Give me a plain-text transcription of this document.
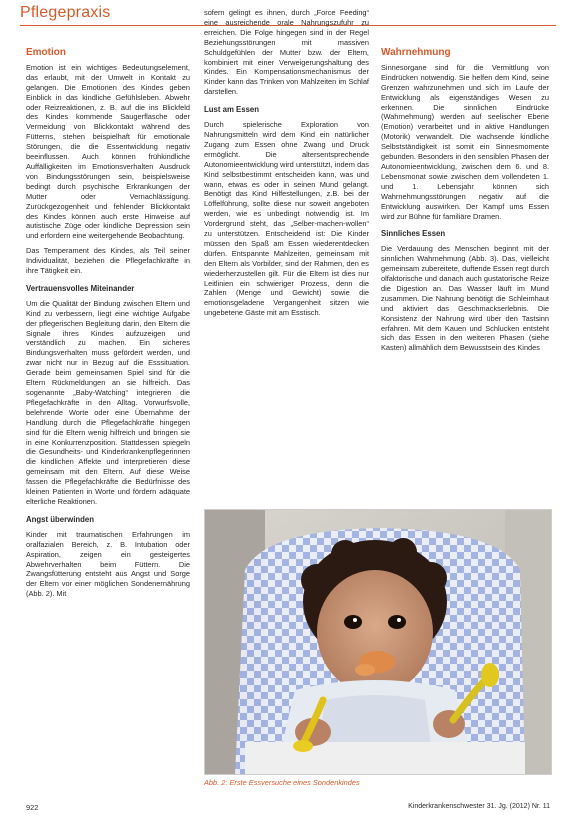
Pflegepraxis
Emotion

Emotion ist ein wichtiges Bedeutungselement, das erlaubt, mit der Umwelt in Kontakt zu gelangen. Die Emotionen des Kindes geben Einblick in das kindliche Gefühlsleben. Abwehr oder Reizreaktionen, z. B. auf die ins Blickfeld des Kindes kommende Saugerflasche oder Vermeidung von Blickkontakt während des Fütterns, stehen beispielhaft für emotionale Störungen, die die Essentwicklung negativ beeinflussen. Auch können frühkindliche Auffälligkeiten im Emotionsverhalten Ausdruck von Bindungsstörungen sein, beispielsweise bedingt durch psychische Erkrankungen der Mutter oder Vernachlässigung. Zurückgezogenheit und fehlender Blickkontakt des Kindes können auch erste Hinweise auf autistische Züge oder kindliche Depression sein und erfordern eine weitergehende Beobachtung.

Das Temperament des Kindes, als Teil seiner Individualität, beziehen die Pflegefachkräfte in ihre Tätigkeit ein.

Vertrauensvolles Miteinander

Um die Qualität der Bindung zwischen Eltern und Kind zu verbessern, liegt eine wichtige Aufgabe der pflegerischen Begleitung darin, den Eltern die Signale ihres Kindes aufzuzeigen und verständlich zu machen. Ein sicheres Bindungsverhalten muss gefördert werden, und zwar nicht nur in Bezug auf die Esssituation. Gerade beim gemeinsamen Spiel sind für die Eltern Rückmeldungen an sie hilfreich. Das sogenannte „Baby-Watching“ integrieren die Pflegefachkräfte in den Alltag. Vorwurfsvolle, belehrende Worte oder eine Übernahme der Handlung durch die Pflegefachkräfte hingegen sind für die Eltern wenig hilfreich und bringen sie in eine Konkurrenzposition. Stattdessen spiegeln die Gesundheits- und Kinderkrankenpflegerinnen die kindlichen Affekte und interpretieren diese gemeinsam mit den Eltern. Auf diese Weise fassen die Pflegefachkräfte die Bedürfnisse des kleinen Patienten in Worte und fördern adäquate elterliche Reaktionen.

Angst überwinden

Kinder mit traumatischen Erfahrungen im oralfazialen Bereich, z. B. Intubation oder Aspiration, zeigen ein gesteigertes Abwehrverhalten beim Füttern. Die Zwangsfütterung entsteht aus Angst und Sorge der Eltern vor einer möglichen Sondenernährung (Abb. 2). Mit

sofern gelingt es ihnen, durch „Force Feeding“ eine ausreichende orale Nahrungszufuhr zu erreichen. Die Folge hingegen sind in der Regel Beziehungsstörungen mit massiven Schuldgefühlen der Mutter bzw. der Eltern, kombiniert mit einer Verweigerungshaltung des Kindes. Ein Kompensationsmechanismus der Kinder kann das Trinken von Mahlzeiten im Schlaf darstellen.

Lust am Essen

Durch spielerische Exploration von Nahrungsmitteln wird dem Kind ein natürlicher Zugang zum Essen ohne Zwang und Druck ermöglicht. Die altersentsprechende Autonomieentwicklung wird unterstützt, indem das Kind selbstbestimmt entscheiden kann, was und wann, etwas es oder in seinen Mund gelangt. Benötigt das Kind Hilfestellungen, z.B. bei der Löffelführung, sollte diese nur soweit angeboten werden, wie es unbedingt notwendig ist. Im Vordergrund steht, das „Selber-machen-wollen“ zu unterstützen. Entscheidend ist: Die Kinder müssen den Spaß am Essen wiederentdecken dürfen. Entspannte Mahlzeiten, gemeinsam mit den Eltern als Vorbilder, sind der Rahmen, den es wiederherzustellen gilt. Für die Eltern ist dies nur Leitlinien ein schwieriger Prozess, denn die Zahlen (Menge und Gewicht) sowie die emotionsgeladene Vergangenheit sitzen wie ungebetene Gäste mit am Esstisch.

Wahrnehmung

Sinnesorgane sind für die Vermittlung von Eindrücken notwendig. Sie helfen dem Kind, seine Grenzen wahrzunehmen und sich im Laufe der Entwicklung als eigenständiges Wesen zu erkennen. Die sinnlichen Eindrücke (Wahrnehmung) werden auf seelischer Ebene (Emotion) verarbeitet und in aktive Handlungen (Motorik) verwandelt. Die wachsende kindliche Selbstständigkeit ist somit ein Sinnesmomente gebunden. Besonders in den sensiblen Phasen der Autonomieentwicklung, zwischen dem 6. und 8. Lebensmonat sowie zwischen dem vollendeten 1. und 1. Lebensjahr können sich Wahrnehmungsstörungen negativ auf die Entwicklung auswirken. Der Kampf ums Essen wird zur Bühne für familiäre Dramen.

Sinnliches Essen

Die Verdauung des Menschen beginnt mit der sinnlichen Wahrnehmung (Abb. 3). Das, vielleicht gemeinsam zubereitete, duftende Essen regt durch olfaktorische und danach auch gustatorische Reize die Digestion an. Das Wasser läuft im Mund zusammen. Die Nahrung benötigt die Schleimhaut und aktiviert das Geschmackserlebnis. Die Konsistenz der Nahrung wird über den Tastsinn erfahren. Mit dem Kauen und Schlucken entsteht sich das Essen in den weiteren Phasen (siehe Kasten) allmählich dem Bewusstsein des Kindes

Abb. 2: Erste Essversuche eines Sondenkindes
922	Kinderkrankenschwester 31. Jg. (2012) Nr. 11
